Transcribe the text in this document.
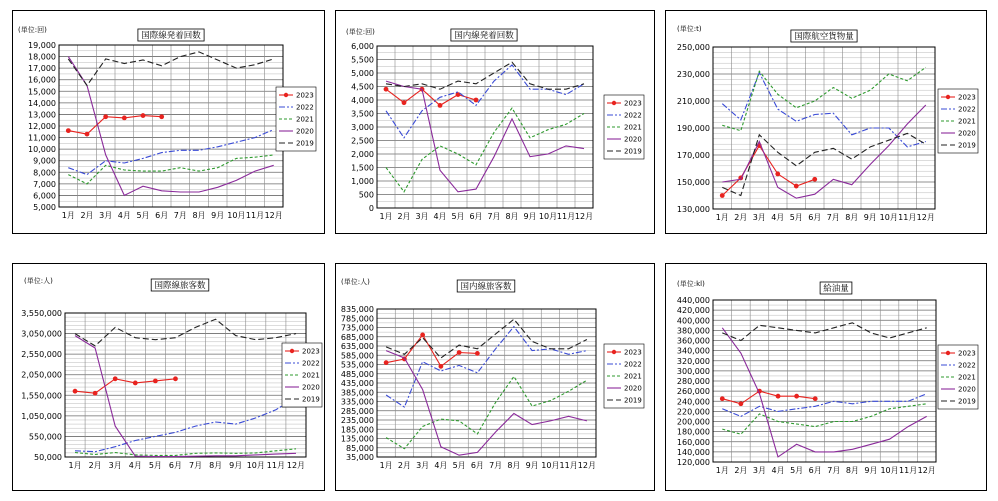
(単位:回)
5,000
6,000
7,000
8,000
9,000
10,000
11,000
12,000
13,000
14,000
15,000
16,000
17,000
18,000
19,000
1月 2月 3月 4月 5月 6月 7月 8月 9月 10月 11月 12月
国際線発着回数
2023
2022
2021
2020
2019
(単位:回)
0
500
1,000
1,500
2,000
2,500
3,000
3,500
4,000
4,500
5,000
5,500
6,000
1月 2月 3月 4月 5月 6月 7月 8月 9月 10月 11月 12月
国内線発着回数
2023
2022
2021
2020
2019
(単位:t)
130,000
150,000
170,000
190,000
210,000
230,000
250,000
1月 2月 3月 4月 5月 6月 7月 8月 9月 10月 11月 12月
国際航空貨物量
2023
2022
2021
2020
2019
(単位:人)
50,000
550,000
1,050,000
1,550,000
2,050,000
2,550,000
3,050,000
3,550,000
1月 2月 3月 4月 5月 6月 7月 8月 9月 10月 11月 12月
国際線旅客数
2023
2022
2021
2020
2019
(単位:人)
35,000
85,000
135,000
185,000
235,000
285,000
335,000
385,000
435,000
485,000
535,000
585,000
635,000
685,000
735,000
785,000
835,000
1月 2月 3月 4月 5月 6月 7月 8月 9月 10月 11月 12月
国内線旅客数
2023
2022
2021
2020
2019
(単位:kl)
120,000
140,000
160,000
180,000
200,000
220,000
240,000
260,000
280,000
300,000
320,000
340,000
360,000
380,000
400,000
420,000
440,000
1月 2月 3月 4月 5月 6月 7月 8月 9月 10月 11月 12月
給油量
2023
2022
2021
2020
2019
